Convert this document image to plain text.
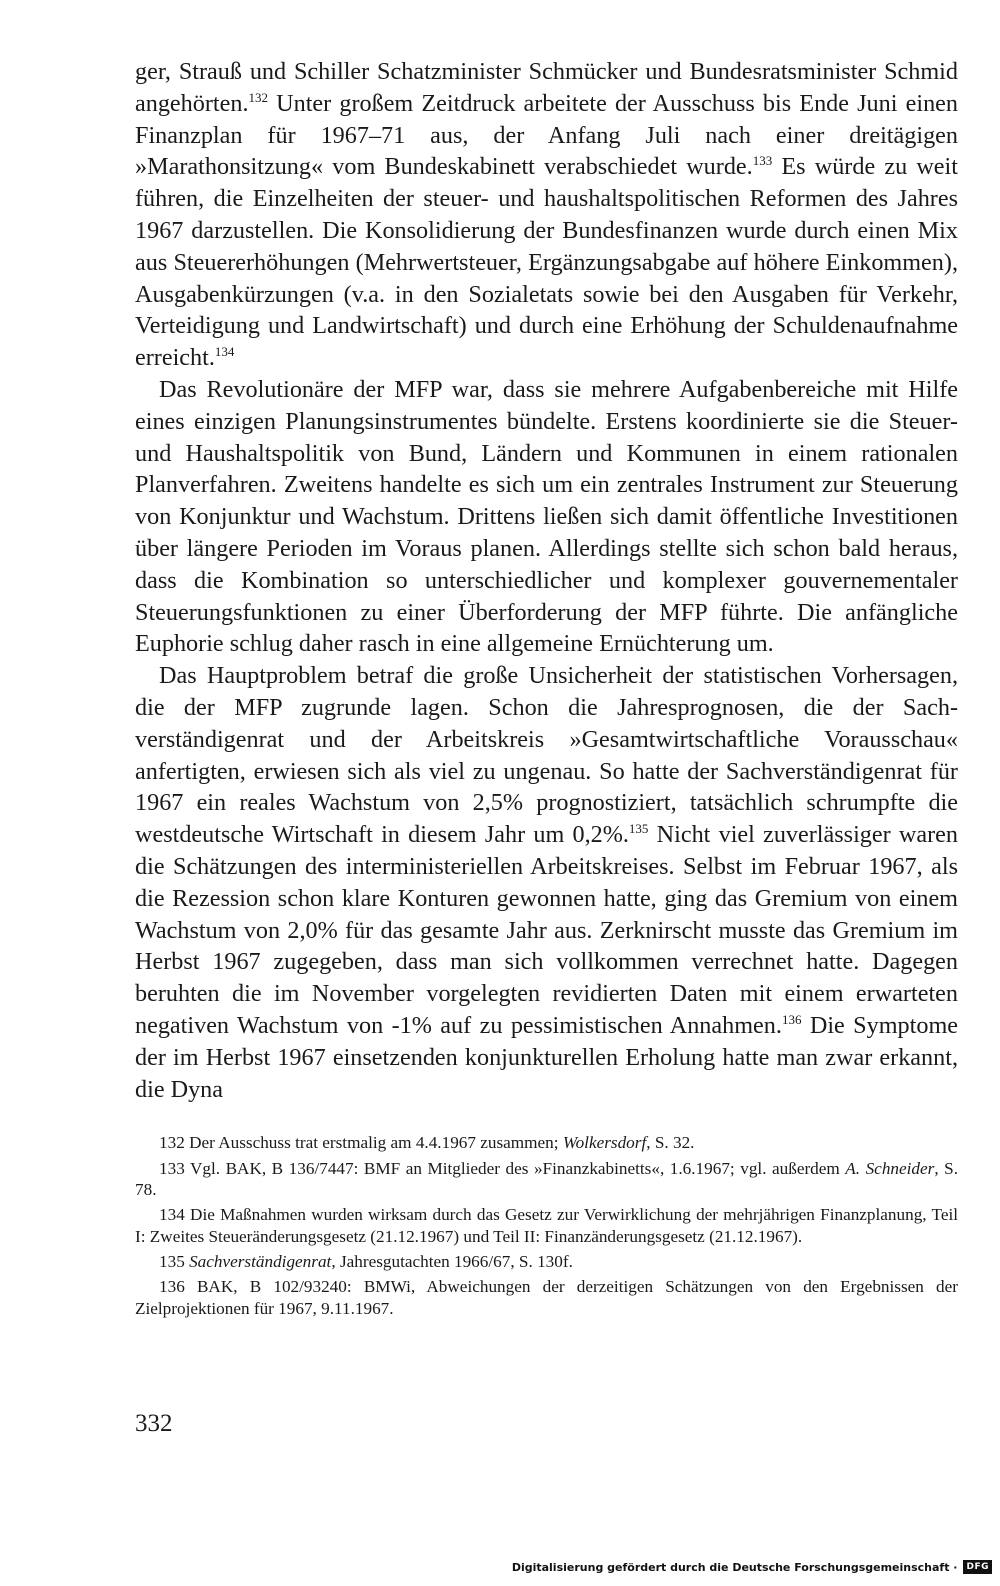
ger, Strauß und Schiller Schatzminister Schmücker und Bundesratsminister Schmid angehörten.$^{132}$ Unter großem Zeitdruck arbeitete der Ausschuss bis Ende Juni einen Finanzplan für 1967–71 aus, der Anfang Juli nach einer dreitägigen »Marathonsitzung« vom Bundeskabinett verabschiedet wurde.$^{133}$ Es würde zu weit führen, die Einzelheiten der steuer- und haushaltspolitischen Reformen des Jahres 1967 darzustellen. Die Konsolidierung der Bundesfinanzen wurde durch einen Mix aus Steuererhöhungen (Mehrwertsteuer, Ergänzungsabgabe auf höhere Einkommen), Ausgabenkürzungen (v.a. in den Sozialetats sowie bei den Ausgaben für Verkehr, Verteidigung und Landwirtschaft) und durch eine Erhöhung der Schuldenaufnahme erreicht.$^{134}$

Das Revolutionäre der MFP war, dass sie mehrere Aufgabenbereiche mit Hilfe eines einzigen Planungsinstrumentes bündelte. Erstens koordinierte sie die Steuer- und Haushaltspolitik von Bund, Ländern und Kommunen in einem rationalen Planverfahren. Zweitens handelte es sich um ein zentrales Instrument zur Steuerung von Konjunktur und Wachstum. Drittens ließen sich damit öffentliche Investitionen über längere Perioden im Voraus planen. Allerdings stellte sich schon bald heraus, dass die Kombination so unterschiedlicher und komplexer gouvernementaler Steuerungsfunktionen zu einer Überforderung der MFP führte. Die anfängliche Euphorie schlug daher rasch in eine allgemeine Ernüchterung um.

Das Hauptproblem betraf die große Unsicherheit der statistischen Vorhersagen, die der MFP zugrunde lagen. Schon die Jahresprognosen, die der Sachverständigenrat und der Arbeitskreis »Gesamtwirtschaftliche Vorausschau« anfertigten, erwiesen sich als viel zu ungenau. So hatte der Sachverständigenrat für 1967 ein reales Wachstum von 2,5% prognostiziert, tatsächlich schrumpfte die westdeutsche Wirtschaft in diesem Jahr um 0,2%.$^{135}$ Nicht viel zuverlässiger waren die Schätzungen des interministeriellen Arbeitskreises. Selbst im Februar 1967, als die Rezession schon klare Konturen gewonnen hatte, ging das Gremium von einem Wachstum von 2,0% für das gesamte Jahr aus. Zerknirscht musste das Gremium im Herbst 1967 zugegeben, dass man sich vollkommen verrechnet hatte. Dagegen beruhten die im November vorgelegten revidierten Daten mit einem erwarteten negativen Wachstum von -1% auf zu pessimistischen Annahmen.$^{136}$ Die Symptome der im Herbst 1967 einsetzenden konjunkturellen Erholung hatte man zwar erkannt, die Dyna

132 Der Ausschuss trat erstmalig am 4.4.1967 zusammen; Wolkersdorf, S. 32.

133 Vgl. BAK, B 136/7447: BMF an Mitglieder des »Finanzkabinetts«, 1.6.1967; vgl. außerdem A. Schneider, S. 78.

134 Die Maßnahmen wurden wirksam durch das Gesetz zur Verwirklichung der mehrjährigen Finanzplanung, Teil I: Zweites Steueränderungsgesetz (21.12.1967) und Teil II: Finanzänderungsgesetz (21.12.1967).

135 Sachverständigenrat, Jahresgutachten 1966/67, S. 130f.

136 BAK, B 102/93240: BMWi, Abweichungen der derzeitigen Schätzungen von den Ergebnissen der Zielprojektionen für 1967, 9.11.1967.

332
Digitalisierung gefördert durch die Deutsche Forschungsgemeinschaft ·	DFG
